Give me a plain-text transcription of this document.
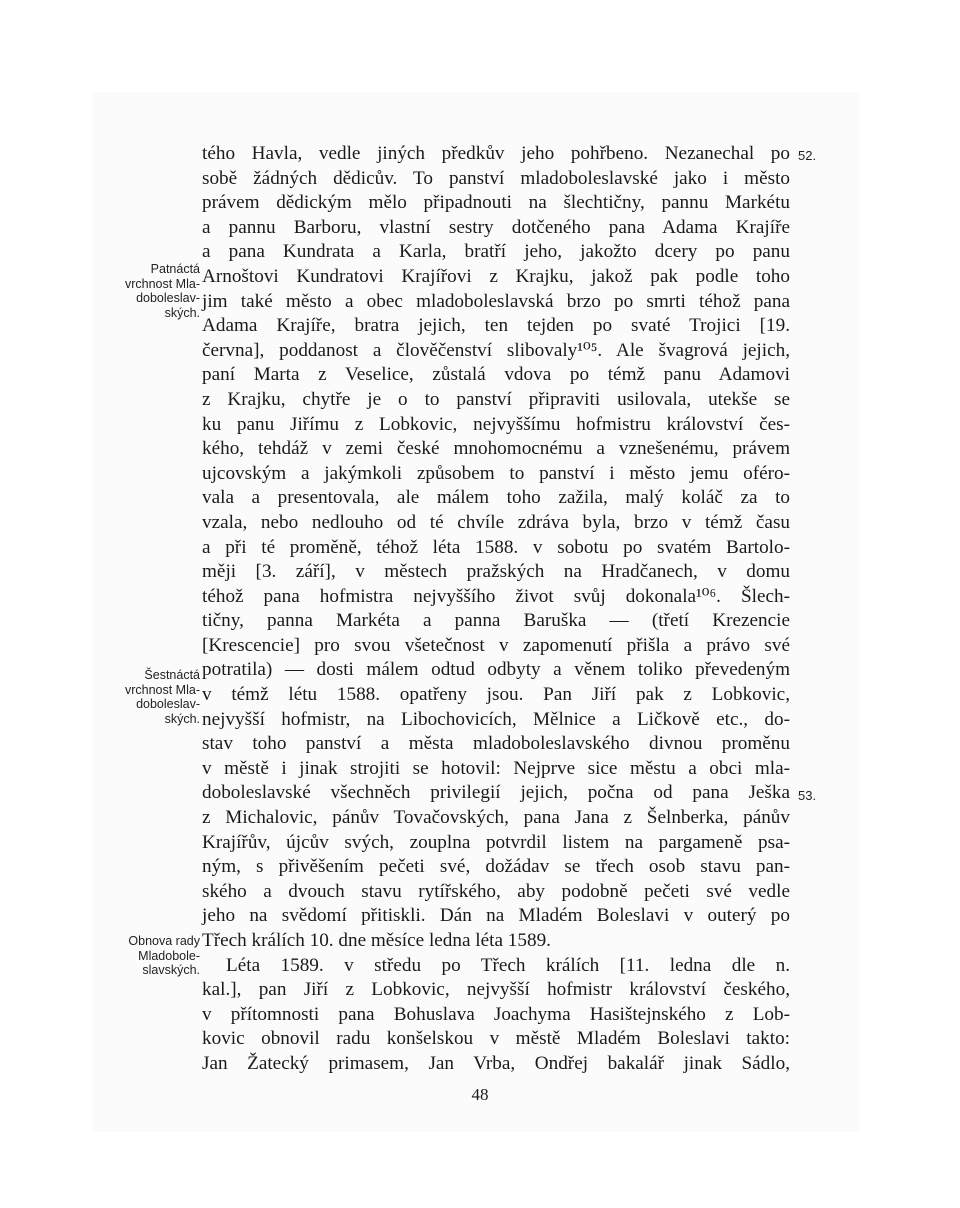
tého Havla, vedle jiných předkův jeho pohřbeno. Nezanechal po
sobě žádných dědicův. To panství mladoboleslavské jako i město
právem dědickým mělo připadnouti na šlechtičny, pannu Markétu
a pannu Barboru, vlastní sestry dotčeného pana Adama Krajíře
a pana Kundrata a Karla, bratří jeho, jakožto dcery po panu
Arnoštovi Kundratovi Krajířovi z Krajku, jakož pak podle toho
jim také město a obec mladoboleslavská brzo po smrti téhož pana
Adama Krajíře, bratra jejich, ten tejden po svaté Trojici [19.
června], poddanost a člověčenství slibovaly¹⁰⁵. Ale švagrová jejich,
paní Marta z Veselice, zůstalá vdova po témž panu Adamovi
z Krajku, chytře je o to panství připraviti usilovala, utekše se
ku panu Jiřímu z Lobkovic, nejvyššímu hofmistru království čes-
kého, tehdáž v zemi české mnohomocnému a vznešenému, právem
ujcovským a jakýmkoli způsobem to panství i město jemu oféro-
vala a presentovala, ale málem toho zažila, malý koláč za to
vzala, nebo nedlouho od té chvíle zdráva byla, brzo v témž času
a při té proměně, téhož léta 1588. v sobotu po svatém Bartolo-
měji [3. září], v městech pražských na Hradčanech, v domu
téhož pana hofmistra nejvyššího život svůj dokonala¹⁰⁶. Šlech-
tičny, panna Markéta a panna Baruška — (třetí Krezencie
[Krescencie] pro svou všetečnost v zapomenutí přišla a právo své
potratila) — dosti málem odtud odbyty a věnem toliko převedeným
v témž létu 1588. opatřeny jsou. Pan Jiří pak z Lobkovic,
nejvyšší hofmistr, na Libochovicích, Mělnice a Ličkově etc., do-
stav toho panství a města mladoboleslavského divnou proměnu
v městě i jinak strojiti se hotovil: Nejprve sice městu a obci mla-
doboleslavské všechněch privilegií jejich, počna od pana Ješka
z Michalovic, pánův Tovačovských, pana Jana z Šelnberka, pánův
Krajířův, újcův svých, zouplna potvrdil listem na pargameně psa-
ným, s přivěšením pečeti své, dožádav se třech osob stavu pan-
ského a dvouch stavu rytířského, aby podobně pečeti své vedle
jeho na svědomí přitiskli. Dán na Mladém Boleslavi v outerý po
Třech králích 10. dne měsíce ledna léta 1589.
Léta 1589. v středu po Třech králích [11. ledna dle n.
kal.], pan Jiří z Lobkovic, nejvyšší hofmistr království českého,
v přítomnosti pana Bohuslava Joachyma Hasištejnského z Lob-
kovic obnovil radu konšelskou v městě Mladém Boleslavi takto:
Jan Žatecký primasem, Jan Vrba, Ondřej bakalář jinak Sádlo,
Patnáctá
vrchnost Mla-
doboleslav-
ských.
Šestnáctá
vrchnost Mla-
doboleslav-
ských.
Obnova rady
Mladobole-
slavských.
52.
53.
48
